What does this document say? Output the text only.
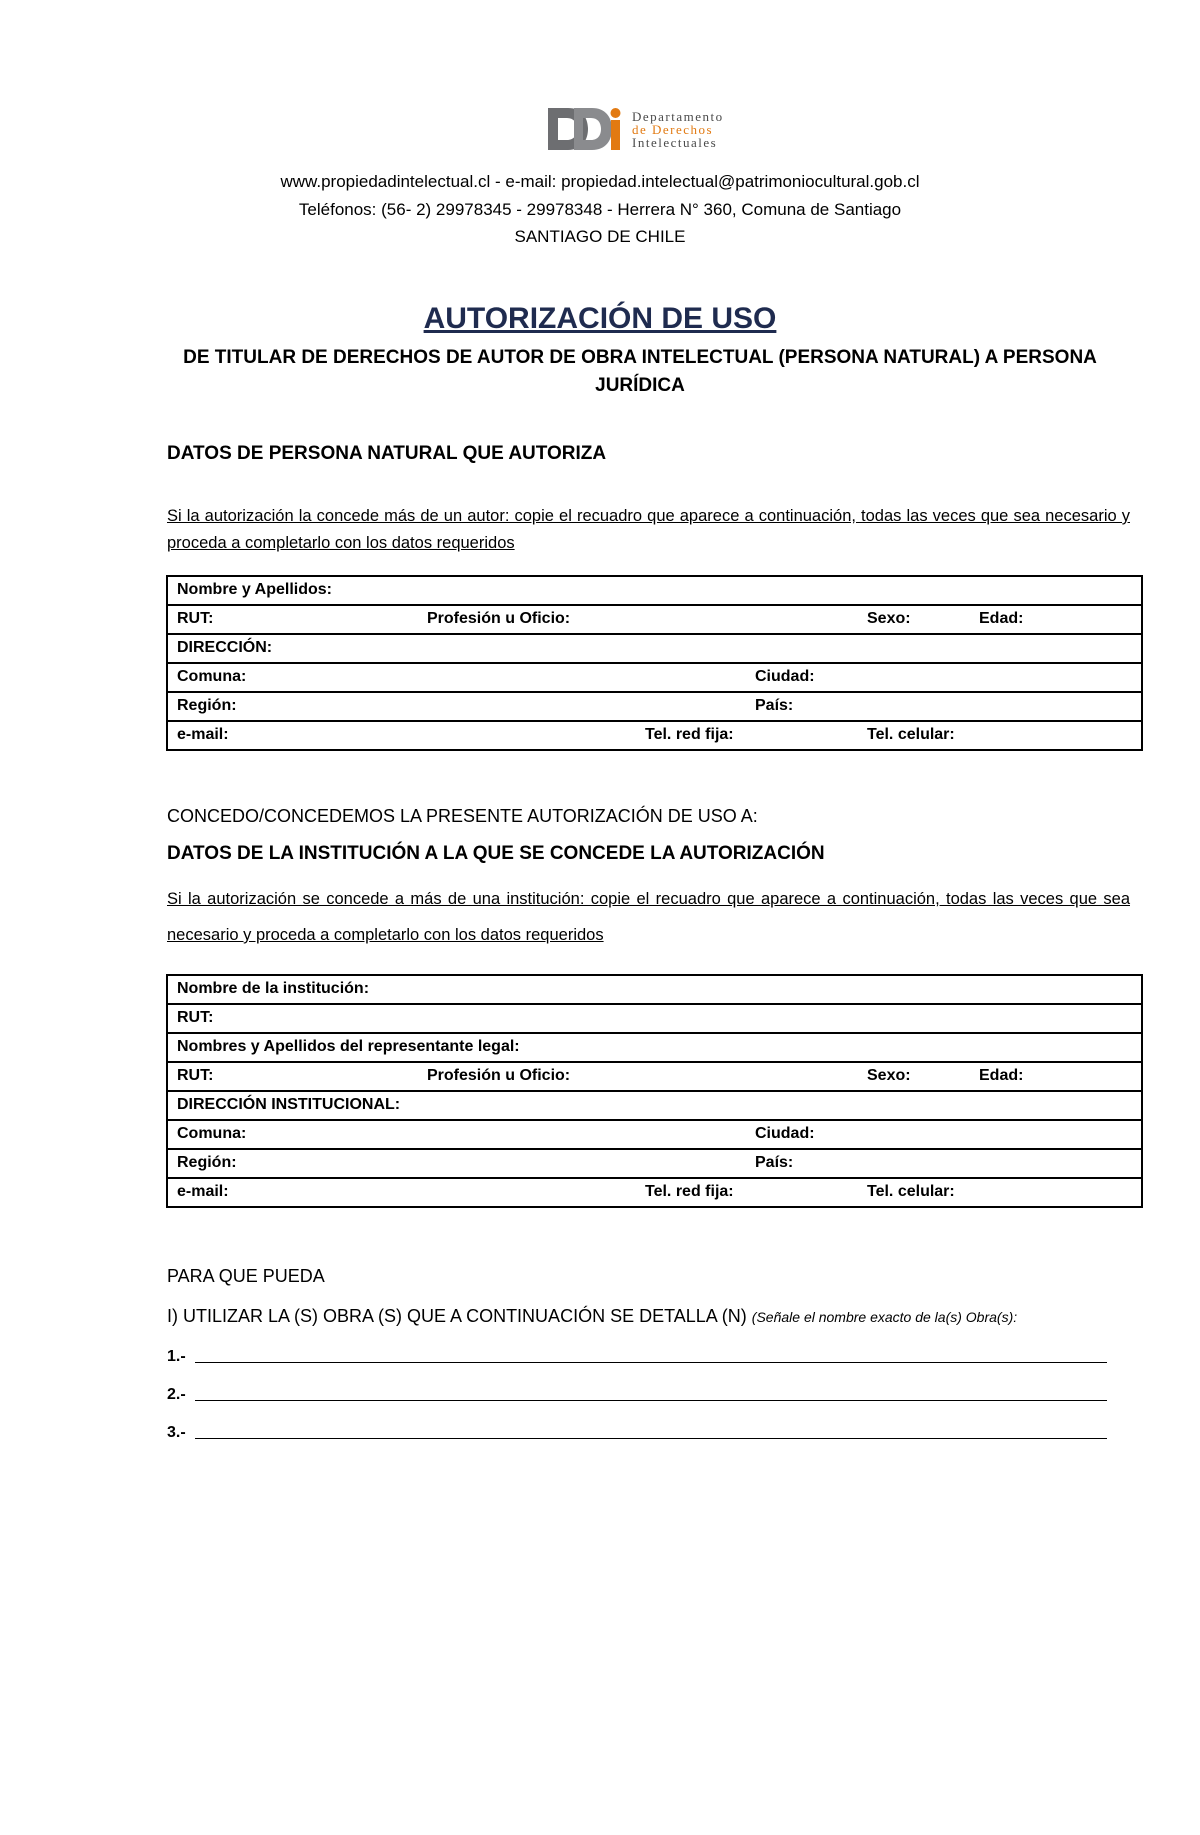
Departamento
de Derechos
Intelectuales
www.propiedadintelectual.cl - e-mail: propiedad.intelectual@patrimoniocultural.gob.cl
Teléfonos: (56- 2) 29978345 - 29978348 - Herrera N° 360, Comuna de Santiago
SANTIAGO DE CHILE
AUTORIZACIÓN DE USO
DE TITULAR DE DERECHOS DE AUTOR DE OBRA INTELECTUAL (PERSONA NATURAL) A PERSONA JURÍDICA
DATOS DE PERSONA NATURAL QUE AUTORIZA
Si la autorización la concede más de un autor: copie el recuadro que aparece a continuación, todas las veces que sea necesario y proceda a completarlo con los datos requeridos
Nombre y Apellidos:

RUT:	Profesión u Oficio:	Sexo:	Edad:

DIRECCIÓN:

Comuna:	Ciudad:

Región:	País:

e-mail:	Tel. red fija:	Tel. celular:
CONCEDO/CONCEDEMOS LA PRESENTE AUTORIZACIÓN DE USO A:
DATOS DE LA INSTITUCIÓN A LA QUE SE CONCEDE LA AUTORIZACIÓN
Si la autorización se concede a más de una institución: copie el recuadro que aparece a continuación, todas las veces que sea necesario y proceda a completarlo con los datos requeridos
Nombre de la institución:

RUT:

Nombres y Apellidos del representante legal:

RUT:	Profesión u Oficio:	Sexo:	Edad:

DIRECCIÓN INSTITUCIONAL:

Comuna:	Ciudad:

Región:	País:

e-mail:	Tel. red fija:	Tel. celular:
PARA QUE PUEDA
I) UTILIZAR LA (S) OBRA (S) QUE A CONTINUACIÓN SE DETALLA (N) (Señale el nombre exacto de la(s) Obra(s):
1.-
2.-
3.-
